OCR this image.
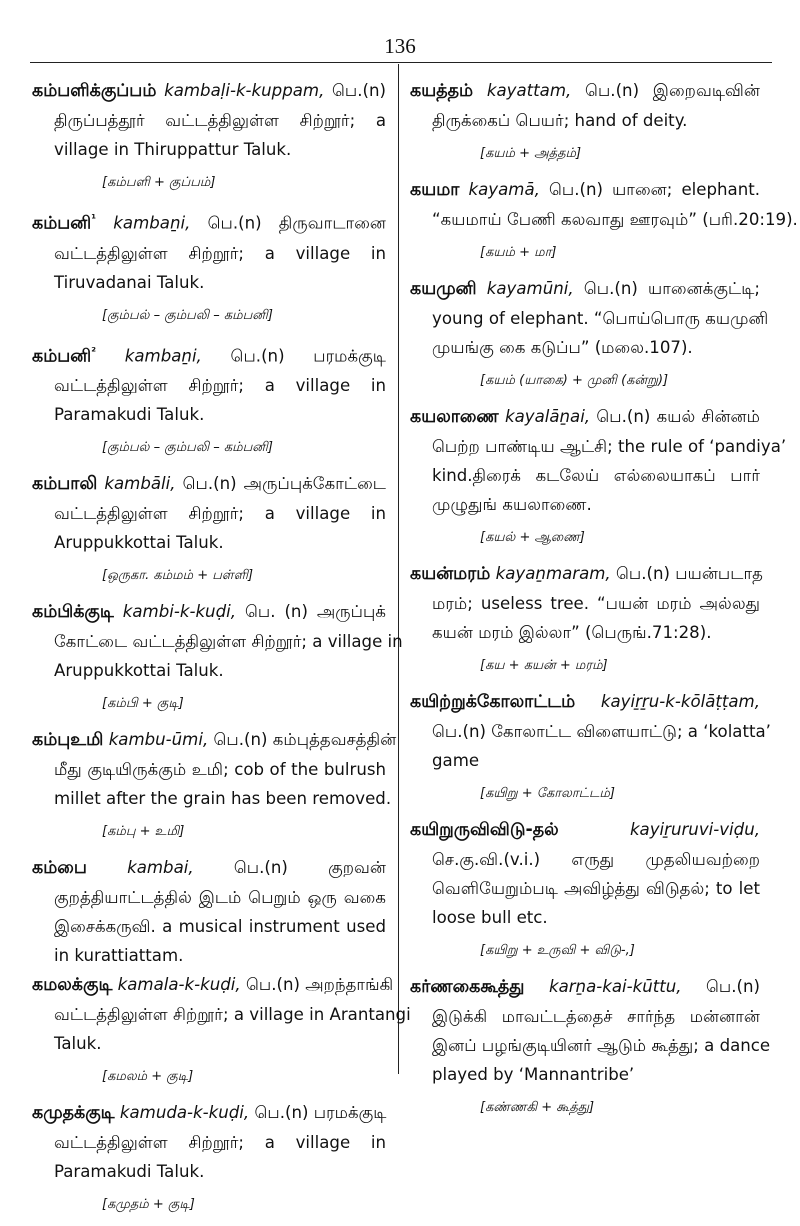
136
கம்பளிக்குப்பம் kambaḷi-k-kuppam, பெ.(n)
திருப்பத்தூர் வட்டத்திலுள்ள சிற்றூர்; a
village in Thiruppattur Taluk.
[கம்பளி + குப்பம்]
கம்பனி$^{^1}$ kambaṉi, பெ.(n) திருவாடானை
வட்டத்திலுள்ள சிற்றூர்; a village in
Tiruvadanai Taluk.
[கும்பல் – கும்பலி – கம்பனி]
கம்பனி$^{^2}$ kambaṉi, பெ.(n) பரமக்குடி
வட்டத்திலுள்ள சிற்றூர்; a village in
Paramakudi Taluk.
[கும்பல் – கும்பலி – கம்பனி]
கம்பாலி kambāli, பெ.(n) அருப்புக்கோட்டை
வட்டத்திலுள்ள சிற்றூர்; a village in
Aruppukkottai Taluk.
[ஒருகா. கம்மம் + பள்ளி]
கம்பிக்குடி kambi-k-kuḍi, பெ. (n) அருப்புக்
கோட்டை வட்டத்திலுள்ள சிற்றூர்; a village in
Aruppukkottai Taluk.
[கம்பி + குடி]
கம்புஉமி kambu-ūmi, பெ.(n) கம்புத்தவசத்தின்
மீது குடியிருக்கும் உமி; cob of the bulrush
millet after the grain has been removed.
[கம்பு + உமி]
கம்பை kambai, பெ.(n) குறவன்
குறத்தியாட்டத்தில் இடம் பெறும் ஒரு வகை
இசைக்கருவி. a musical instrument used
in kurattiattam.
கமலக்குடி kamala-k-kuḍi, பெ.(n) அறந்தாங்கி
வட்டத்திலுள்ள சிற்றூர்; a village in Arantangi
Taluk.
[கமலம் + குடி]
கமுதக்குடி kamuda-k-kuḍi, பெ.(n) பரமக்குடி
வட்டத்திலுள்ள சிற்றூர்; a village in
Paramakudi Taluk.
[கமுதம் + குடி]
கயத்தம் kayattam, பெ.(n) இறைவடிவின்
திருக்கைப் பெயர்; hand of deity.
[கயம் + அத்தம்]
கயமா kayamā, பெ.(n) யானை; elephant.
“கயமாய் பேணி கலவாது ஊரவும்” (பரி.20:19).
[கயம் + மா]
கயமுனி kayamūni, பெ.(n) யானைக்குட்டி;
young of elephant. “பொய்பொரு கயமுனி
முயங்கு கை கடுப்ப” (மலை.107).
[கயம் (யாகை) + முனி (கன்று)]
கயலாணை kayalāṉai, பெ.(n) கயல் சின்னம்
பெற்ற பாண்டிய ஆட்சி; the rule of ‘pandiya’
kind.திரைக் கடலேய் எல்லையாகப் பார்
முழுதுங் கயலாணை.
[கயல் + ஆணை]
கயன்மரம் kayaṉmaram, பெ.(n) பயன்படாத
மரம்; useless tree. “பயன் மரம் அல்லது
கயன் மரம் இல்லா” (பெருங்.71:28).
[கய + கயன் + மரம்]
கயிற்றுக்கோலாட்டம் kayiṟṟu-k-kōlāṭṭam,
பெ.(n) கோலாட்ட விளையாட்டு; a ‘kolatta’
game
[கயிறு + கோலாட்டம்]
கயிறுருவிவிடு-தல்	kayiṟuruvi-viḍu,
செ.கு.வி.(v.i.) எருது முதலியவற்றை
வெளியேறும்படி அவிழ்த்து விடுதல்; to let
loose bull etc.
[கயிறு + உருவி + விடு-,]
கர்ணகைகூத்து karṉa-kai-kūttu, பெ.(n)
இடுக்கி மாவட்டத்தைச் சார்ந்த மன்னான்
இனப் பழங்குடியினர் ஆடும் கூத்து; a dance
played by ‘Mannantribe’
[கண்ணகி + கூத்து]
